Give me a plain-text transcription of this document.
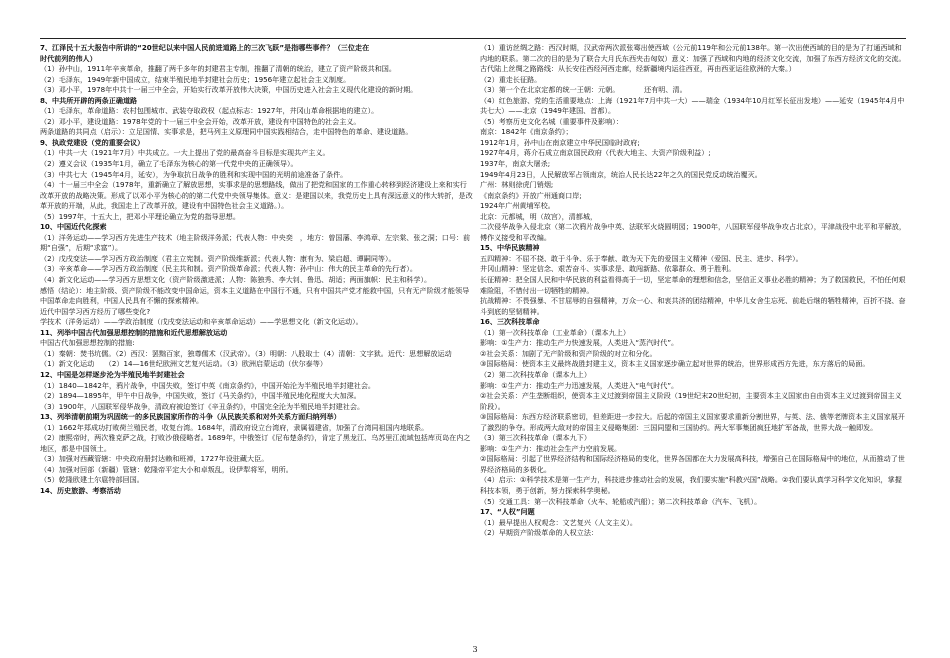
7、江泽民十五大报告中所讲的“20世纪以来中国人民前进道路上的三次飞跃”是指哪些事件？（三位走在
时代前列的伟人）
（1）孙中山，1911年辛亥革命，推翻了两千多年的封建君主专制，推翻了清朝的统治，建立了资产阶级共和国。
（2）毛泽东，1949年新中国成立，结束半殖民地半封建社会历史；1956年建立起社会主义制度。
（3）邓小平，1978年中共十一届三中全会，开始实行改革开放伟大决策，中国历史进入社会主义现代化建设的新时期。
8、中共所开辟的两条正确道路
（1）毛泽东，革命道路：农村包围城市、武装夺取政权（起点标志：1927年，井冈山革命根据地的建立）。
（2）邓小平，建设道路：1978年党的十一届三中全会开始，改革开放，建设有中国特色的社会主义。
两条道路的共同点（启示）：立足国情、实事求是，把马列主义原理同中国实践相结合，走中国特色的革命、建设道路。
9、执政党建设（党的重要会议）
（1）中共一大（1921年7月）中共成立。一大上提出了党的最高奋斗目标是实现共产主义。
（2）遵义会议（1935年1月，确立了毛泽东为核心的第一代党中央的正确领导）。
（3）中共七大（1945年4月，延安），为争取抗日战争的胜利和实现中国的光明前途准备了条件。
（4）十一届三中全会（1978年，重新确立了解放思想，实事求是的思想路线，做出了把党和国家的工作重心转移到经济建设上来和实行改革开放的战略决策。形成了以邓小平为核心的的第二代党中央领导集体。意义：是建国以来，我党历史上具有深远意义的伟大转折，是改革开放的开端，从此，我国走上了改革开放，建设有中国特色社会主义道路。）。
（5）1997年，十五大上，把邓小平理论确立为党的指导思想。
10、中国近代化探索
（1）洋务运动——学习西方先进生产技术（地主阶级洋务派；代表人物：中央奕　，地方：曾国藩、李鸿章、左宗棠、张之洞；口号：前期“自强”，后期“求富”）。
（2）戊戌变法——学习西方政治制度（君主立宪制。资产阶级维新派；代表人物：康有为、梁启超、谭嗣同等）。
（3）辛亥革命——学习西方政治制度（民主共和制。资产阶级革命派；代表人物：孙中山：伟大的民主革命的先行者）。
（4）新文化运动——学习西方思想文化（资产阶级激进派；人物：陈独秀、李大钊、鲁迅、胡适；两面旗帜：民主和科学）。
感悟（结论）：地主阶级、资产阶级不能改变中国命运，资本主义道路在中国行不通，只有中国共产党才能救中国，只有无产阶级才能领导中国革命走向胜利，中国人民具有不懈的探索精神。
近代中国学习西方经历了哪些变化?
学技术（洋务运动）——学政治制度（戊戌变法运动和辛亥革命运动）——学思想文化（新文化运动）。
11、列举中国古代加强思想控制的措施和近代思想解放运动
中国古代加强思想控制的措施:
（1）秦朝：焚书坑儒。（2）西汉：罢黜百家，独尊儒术（汉武帝）。（3）明朝：八股取士（4）清朝：文字狱。近代：思想解放运动
（1）新文化运动　　（2）14—16世纪欧洲文艺复兴运动。（3）欧洲启蒙运动（伏尔泰等）
12、中国是怎样逐步沦为半殖民地半封建社会
（1）1840—1842年，鸦片战争，中国失败，签订中英《南京条约》，中国开始沦为半殖民地半封建社会。
（2）1894—1895年，甲午中日战争，中国失败，签订《马关条约》，中国半殖民地化程度大大加深。
（3）1900年，八国联军侵华战争，清政府被迫签订《辛丑条约》，中国完全沦为半殖民地半封建社会。
13、列举清朝前期为巩固统一的多民族国家所作的斗争（从民族关系和对外关系方面归纳列举）
（1）1662年郑成功打败荷兰殖民者，收复台湾。1684年，清政府设立台湾府，隶属福建省，加强了台湾同祖国内地联系。
（2）康熙帝时，两次雅克萨之战，打败沙俄侵略者。1689年，中俄签订《尼布楚条约》，肯定了黑龙江、乌苏里江流域包括库页岛在内之地区，都是中国领土。
（3）加强对西藏管辖：中央政府册封达赖和班禅，1727年设驻藏大臣。
（4）加强对回部（新疆）管辖：乾隆帝平定大小和卓叛乱，设伊犁将军，明所。
（5）乾隆欧建土尔扈特部回国。
14、历史旅游、考察活动
（1）重访丝绸之路：西汉时期，汉武帝两次派张骞出使西域（公元前119年和公元前138年。第一次出使西域的目的是为了打通西域和内地的联系。第二次的目的是为了联合大月氏东西夹击匈奴）意义：加强了西域和内地的经济文化交流，加强了东西方经济文化的交流。古代陆上丝绸之路路线：从长安往西经河西走廊，经新疆境内运往西亚，再由西亚运往欧洲的大秦。）
（2）重走长征路。
（3）第一个在北京定都的统一王朝：元朝。　　　　还有明、清。
（4）红色旅游、党的生活重要地点：上海（1921年7月中共一大）——瑞金（1934年10月红军长征出发地）——延安（1945年4月中共七大）——北京（1949年建国、首都）。
（5）考察历史文化名城（重要事件及影响）：
南京：1842年《南京条约》；
1912年1月，孙中山在南京建立中华民国临时政府;
1927年4月，蒋介石成立南京国民政府（代表大地主、大资产阶级利益）;
1937年，南京大屠杀;
1949年4月23日，人民解放军占领南京，统治人民长达22年之久的国民党反动统治覆灭。
广州：林则徐虎门销烟;
《南京条约》开放广州通商口岸;
1924年广州黄埔军校。
北京：元都城，明（故宫），清都城，
二次侵华战争入侵北京（第二次鸦片战争中英、法联军火烧圆明园；1900年，八国联军侵华战争攻占北京），平津战役中北平和平解放，傅作义接受和平改编。
15、中华民族精神
五四精神：不屈不挠、敢于斗争、乐于奉献、敢为天下先的爱国主义精神（爱国、民主、进步、科学）。
井冈山精神：坚定信念、艰苦奋斗、实事求是、敢闯新路、依靠群众、勇于胜利。
长征精神：把全国人民和中华民族的利益看得高于一切，坚定革命的理想和信念，坚信正义事业必胜的精神；为了救国救民，不怕任何艰难险阻，不惜付出一切牺牲的精神。
抗战精神：不畏强暴、不甘屈辱的自强精神，万众一心、和衷共济的团结精神，中华儿女舍生忘死、前赴后继的牺牲精神，百折不挠、奋斗到底的坚韧精神。
16、三次科技革命
（1）第一次科技革命（工业革命）（课本九上）
影响：①生产力：推动生产力快速发展，人类进入“蒸汽时代”。
②社会关系：加剧了无产阶级和资产阶级的对立和分化。
③国际格局：使资本主义最终战胜封建主义，资本主义国家逐步确立起对世界的统治，世界形成西方先进，东方落后的局面。
（2）第二次科技革命（课本九上）
影响：①生产力：推动生产力迅速发展，人类进入“电气时代”。
②社会关系：产生垄断组织，使资本主义过渡到帝国主义阶段（19世纪末20世纪初，主要资本主义国家由自由资本主义过渡到帝国主义阶段）。
③国际格局：东西方经济联系密切，但差距进一步拉大。后起的帝国主义国家要求重新分割世界，与英、法、俄等老牌资本主义国家展开了激烈的争夺。形成两大敌对的帝国主义侵略集团：三国同盟和三国协约。两大军事集团疯狂地扩军备战，世界大战一触即发。
（3）第三次科技革命（课本九下）
影响：①生产力：推动社会生产力空前发展。
②国际格局：引起了世界经济结构和国际经济格局的变化，世界各国都在大力发展高科技，增强自己在国际格局中的地位，从而推动了世界经济格局的多极化。
（4）启示：①科学技术是第一生产力，科技进步推动社会的发展，我们要实施“科教兴国”战略。②我们要认真学习科学文化知识，掌握科技本领，勇于创新，努力探索科学奥秘。
（5）交通工具：第一次科技革命（火车、轮船或汽船）；第二次科技革命（汽车、飞机）。
17、“人权”问题
（1）最早提出人权观念：文艺复兴（人文主义）。
（2）早期资产阶级革命的人权立法：
3
